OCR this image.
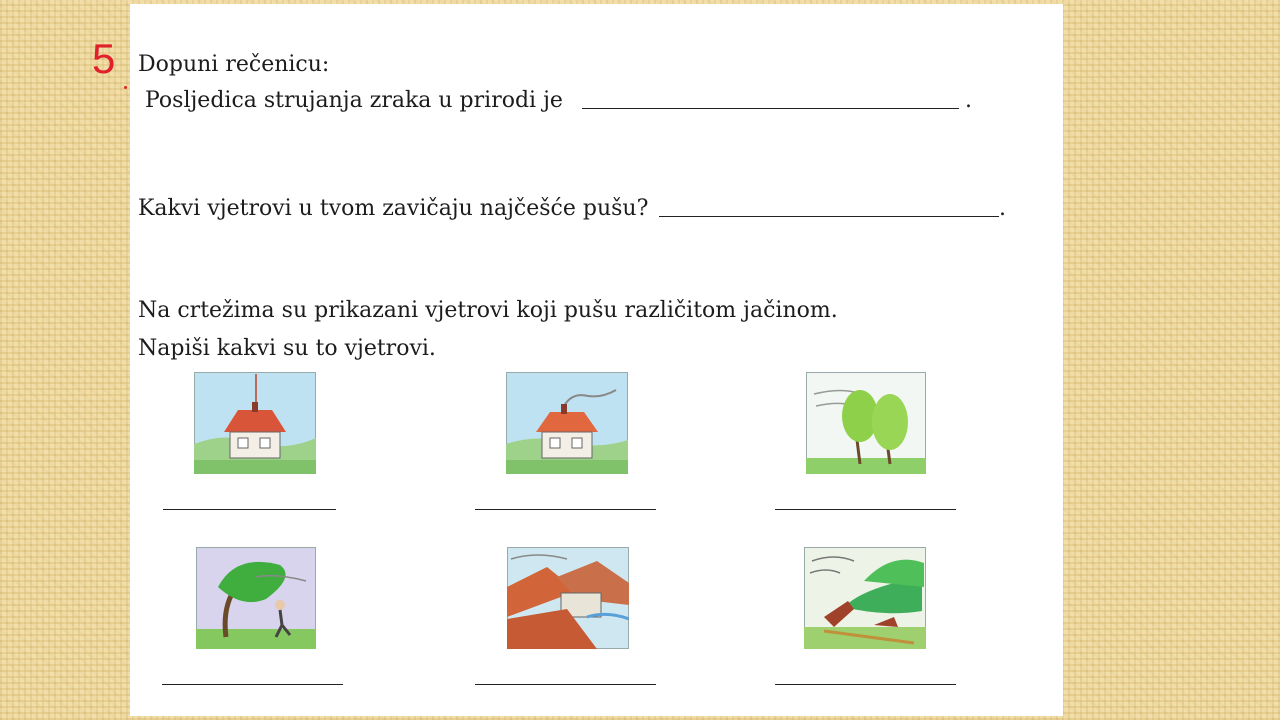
5 Dopuni rečenicu:
Posljedica strujanja zraka u prirodi je	.
Kakvi vjetrovi u tvom zavičaju najčešće pušu?	.
Na crtežima su prikazani vjetrovi koji pušu različitom jačinom.
Napiši kakvi su to vjetrovi.
